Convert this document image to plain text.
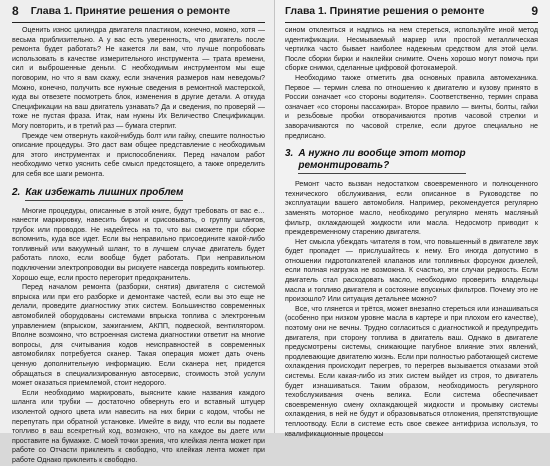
8 Глава 1. Принятие решения о ремонте

Оценить износ цилиндра двигателя пластиком, конечно, можно, хотя — весьма приблизительно. А у вас есть уверенность, что двигатель после ремонта будет работать? Не кажется ли вам, что лучше попробовать использовать в качестве измерительного инструмента — трата времени, сил и выброшенные деньги. С необходимым инструментом мы еще поговорим, но что я вам скажу, если значения размеров нам неведомы? Можно, конечно, получить все нужные сведения в ремонтной мастерской, куда вы отвезете посмотреть блок, изменения в другие детали. А откуда Спецификации на ваш двигатель узнавать? Да и сведения, по проверяй — тоже не пустая фраза. Итак, нам нужны Их Величество Спецификации. Могу повторить, и в третий раз — бумага стерпит.

Прежде чем отвернуть какой-нибудь болт или гайку, спешите полностью описание процедуры. Это даст вам общее представление с необходимым для этого инструментах и приспособлениях. Перед началом работ необходимо четко уяснить себе смысл предстоящего, а также определить для себя все шаги ремонта.

2. Как избежать лишних проблем

Многие процедуры, описанные в этой книге, будут требовать от вас е…нанести маркировку, навесить бирки и срисовывать, о группу шлангов, трубок или проводов. Не надейтесь на то, что вы сможете при сборке вспомнить, куда все идет. Если вы неправильно присоедините какой-либо топливный или вакуумный шланг, то в лучшем случае двигатель будет работать плохо, если вообще будет работать. При неправильном подключении электропроводки вы рискуете навсегда повредить компьютер. Хорошо еще, если просто перегорит предохранитель.

Перед началом ремонта (разборки, снятия) двигателя с системой впрыска или при его разборке и демонтаже частей, если вы это еще не делали, проведите диагностику этих систем. Большинство современных автомобилей оборудованы системами впрыска топлива с электронным управлением (впрыском, зажиганием, АКПП, подвеской, вентилятором. Вполне возможно, что встроенная система диагностики ответит на многие вопросы, для считывания кодов неисправностей в современных автомобилях потребуется сканер. Такая операция может дать очень ценную дополнительную информацию. Если сканера нет, придется обращаться в специализированную автосервис, стоимость этой услуги может оказаться приемлемой, стоит недорого.

Если необходимо маркировать, выясните какие названия каждого шланга или трубки — достаточно обвернуть его и вставный штуцер изолентой одного цвета или навесить на них бирки с кодом, чтобы не перепутать при обратной установке. Имейте в виду, что если вы подаете топливо в ваш всекретный код, возможно, что на каждое вы даете или проставите на бумажке. С моей точки зрения, что клейкая лента может при работе со Отчасти приклеить к свободно, что клейкая лента может при работе Однако приклеить к свободно.

Глава 1. Принятие решения о ремонте	9

сином отклеиться и надпись на нем стереться, используйте иной метод идентификации. Несмываемый маркер или простой металлическая чертилка часто бывает наиболее надежным средством для этой цели. После сборки бирки и наклейки снимите. Очень хорошо могут помочь при сборке снимки, сделанные цифровой фотокамерой.

Необходимо также отметить два основных правила автомеханика. Первое — термин слева по отношению к двигателю и кузову принято в России означает «со стороны водителя». Соответственно, термин справа означает «со стороны пассажира». Второе правило — винты, болты, гайки и резьбовые пробки отворачиваются против часовой стрелки и заворачиваются по часовой стрелке, если другое специально не предписано.

3. А нужно ли вообще этот мотор
ремонтировать?

Ремонт часто вызван недостатком своевременного и полноценного технического обслуживания, если описанное в Руководстве по эксплуатации вашего автомобиля. Например, рекомендуется регулярно заменять моторное масло, необходимо регулярно менять масляный фильтр, охлаждающей жидкости или масла. Недосмотр приводит к преждевременному старению двигателя.

Нет смысла убеждать читателя в том, что повышенный в двигателе звук будет пропадет — прислушайтесь к нему. Его иногда допустимо в отношении гидротолкателей клапанов или топливных форсунок дизелей, если полная нагрузка не возможна. К счастью, эти случаи редкость. Если двигатель стал расходовать масло, необходимо проверить владельцы масла и топливо двигателя и состояние впускных фильтров. Почему это не произошло? Или ситуация детальнее можно?

Все, что глянется и трётся, может внезапно стереться или изнашиваться (особенно при низком уровне масла в картере и при плохом его качестве), поэтому они не вечны. Трудно согласиться с диагностикой и предупредить двигателя, при сторону топлива в двигатель ваш. Однако в двигателе предусмотрены системы, снижающие пагубное влияние этих явлений, продлевающие двигателю жизнь. Если при полностью работающей системе охлаждения происходит перегрев, то перегрев вызывается отказами этой системы. Если какая-либо из этих систем выйдет из строя, то двигатель будет изнашиваться. Таким образом, необходимость регулярного техобслуживания очень велика. Если система обеспечивает своевременную смену охлаждающей жидкости и промывку системы охлаждения, в ней не будут и образовываться отложения, препятствующие теплоотводу. Если в системе есть свое свежее антифриза используя, то квалификационные процессы
